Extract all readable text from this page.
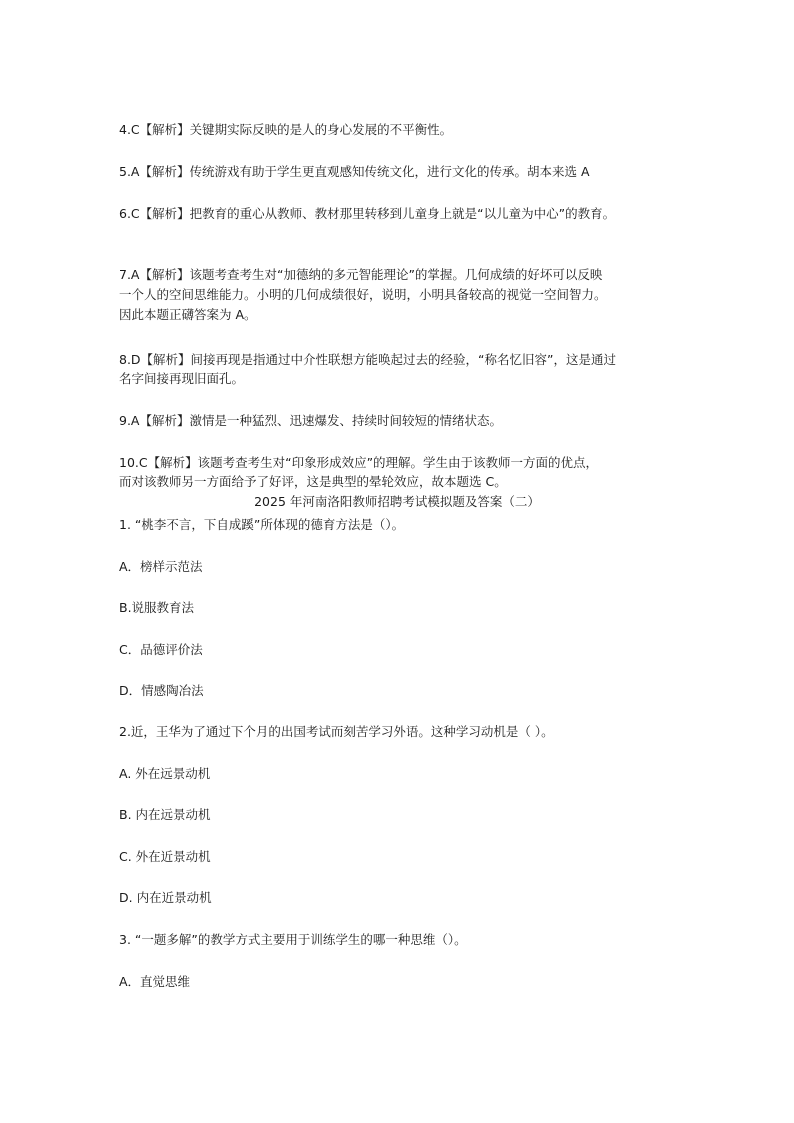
4.C【解析】关键期实际反映的是人的身心发展的不平衡性。

5.A【解析】传统游戏有助于学生更直观感知传统文化，进行文化的传承。胡本来选 A

6.C【解析】把教育的重心从教师、教材那里转移到儿童身上就是“以儿童为中心”的教育。

7.A【解析】该题考查考生对“加德纳的多元智能理论”的掌握。几何成绩的好坏可以反映

一个人的空间思维能力。小明的几何成绩很好，说明，小明具备较高的视觉一空间智力。

因此本题正礴答案为 A。

8.D【解析】间接再现是指通过中介性联想方能唤起过去的经验，“称名忆旧容”，这是通过

名字间接再现旧面孔。

9.A【解析】激情是一种猛烈、迅速爆发、持续时间较短的情绪状态。

10.C【解析】该题考查考生对“印象形成效应”的理解。学生由于该教师一方面的优点，

而对该教师另一方面给予了好评，这是典型的晕轮效应，故本题选 C。

2025 年河南洛阳教师招聘考试模拟题及答案（二）

1. “桃李不言，下自成蹊”所体现的德育方法是（）。

A．榜样示范法

B.说服教育法

C．品德评价法

D．情感陶冶法

2.近，王华为了通过下个月的出国考试而刻苦学习外语。这种学习动机是（ ）。

A. 外在远景动机

B. 内在远景动机

C. 外在近景动机

D. 内在近景动机

3. “一题多解”的教学方式主要用于训练学生的哪一种思维（）。

A．直觉思维
